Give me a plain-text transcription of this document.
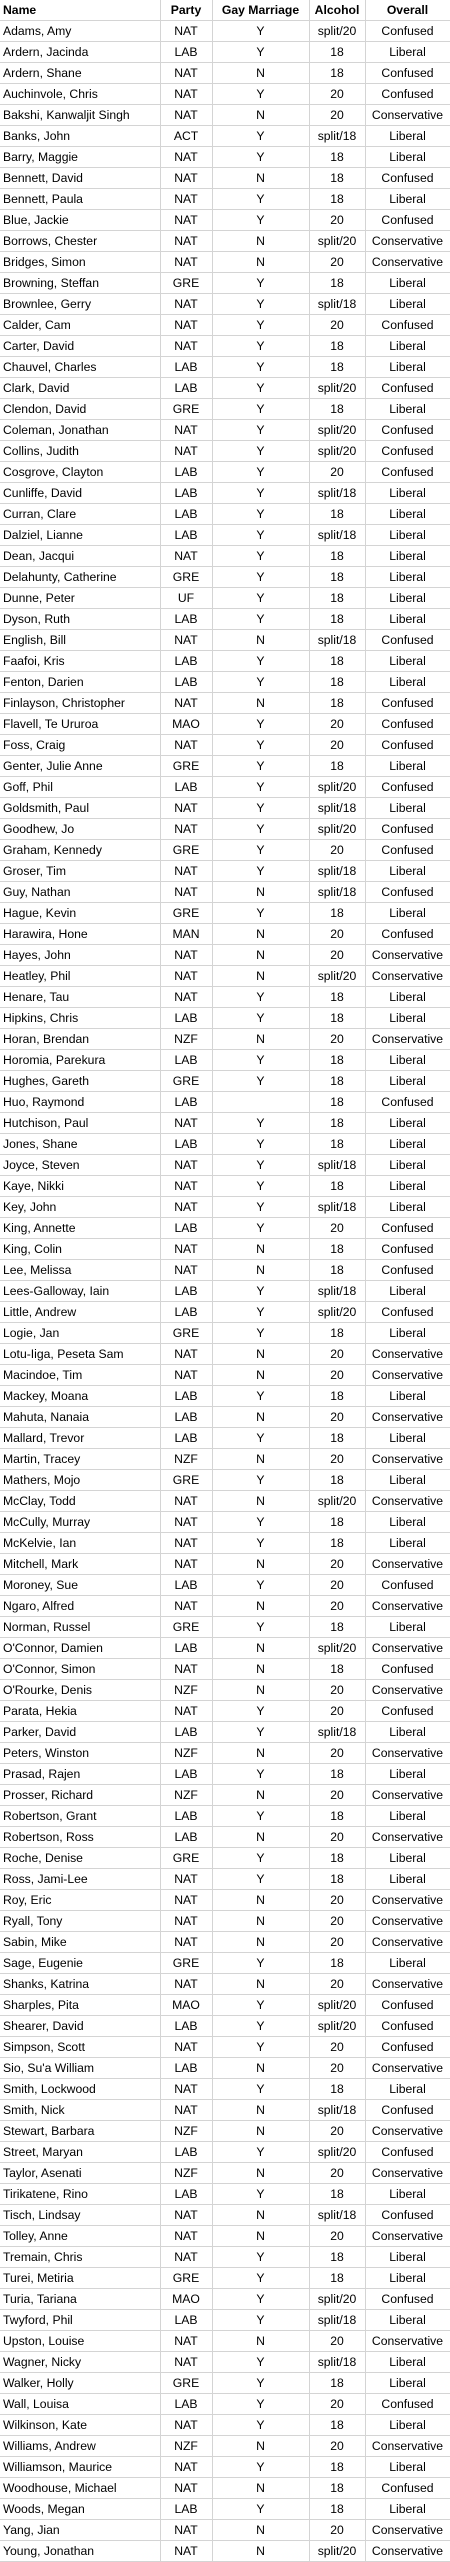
Name	Party	Gay Marriage	Alcohol	Overall
Adams, Amy	NAT	Y	split/20	Confused
Ardern, Jacinda	LAB	Y	18	Liberal
Ardern, Shane	NAT	N	18	Confused
Auchinvole, Chris	NAT	Y	20	Confused
Bakshi, Kanwaljit Singh	NAT	N	20	Conservative
Banks, John	ACT	Y	split/18	Liberal
Barry, Maggie	NAT	Y	18	Liberal
Bennett, David	NAT	N	18	Confused
Bennett, Paula	NAT	Y	18	Liberal
Blue, Jackie	NAT	Y	20	Confused
Borrows, Chester	NAT	N	split/20	Conservative
Bridges, Simon	NAT	N	20	Conservative
Browning, Steffan	GRE	Y	18	Liberal
Brownlee, Gerry	NAT	Y	split/18	Liberal
Calder, Cam	NAT	Y	20	Confused
Carter, David	NAT	Y	18	Liberal
Chauvel, Charles	LAB	Y	18	Liberal
Clark, David	LAB	Y	split/20	Confused
Clendon, David	GRE	Y	18	Liberal
Coleman, Jonathan	NAT	Y	split/20	Confused
Collins, Judith	NAT	Y	split/20	Confused
Cosgrove, Clayton	LAB	Y	20	Confused
Cunliffe, David	LAB	Y	split/18	Liberal
Curran, Clare	LAB	Y	18	Liberal
Dalziel, Lianne	LAB	Y	split/18	Liberal
Dean, Jacqui	NAT	Y	18	Liberal
Delahunty, Catherine	GRE	Y	18	Liberal
Dunne, Peter	UF	Y	18	Liberal
Dyson, Ruth	LAB	Y	18	Liberal
English, Bill	NAT	N	split/18	Confused
Faafoi, Kris	LAB	Y	18	Liberal
Fenton, Darien	LAB	Y	18	Liberal
Finlayson, Christopher	NAT	N	18	Confused
Flavell, Te Ururoa	MAO	Y	20	Confused
Foss, Craig	NAT	Y	20	Confused
Genter, Julie Anne	GRE	Y	18	Liberal
Goff, Phil	LAB	Y	split/20	Confused
Goldsmith, Paul	NAT	Y	split/18	Liberal
Goodhew, Jo	NAT	Y	split/20	Confused
Graham, Kennedy	GRE	Y	20	Confused
Groser, Tim	NAT	Y	split/18	Liberal
Guy, Nathan	NAT	N	split/18	Confused
Hague, Kevin	GRE	Y	18	Liberal
Harawira, Hone	MAN	N	20	Confused
Hayes, John	NAT	N	20	Conservative
Heatley, Phil	NAT	N	split/20	Conservative
Henare, Tau	NAT	Y	18	Liberal
Hipkins, Chris	LAB	Y	18	Liberal
Horan, Brendan	NZF	N	20	Conservative
Horomia, Parekura	LAB	Y	18	Liberal
Hughes, Gareth	GRE	Y	18	Liberal
Huo, Raymond	LAB		18	Confused
Hutchison, Paul	NAT	Y	18	Liberal
Jones, Shane	LAB	Y	18	Liberal
Joyce, Steven	NAT	Y	split/18	Liberal
Kaye, Nikki	NAT	Y	18	Liberal
Key, John	NAT	Y	split/18	Liberal
King, Annette	LAB	Y	20	Confused
King, Colin	NAT	N	18	Confused
Lee, Melissa	NAT	N	18	Confused
Lees-Galloway, Iain	LAB	Y	split/18	Liberal
Little, Andrew	LAB	Y	split/20	Confused
Logie, Jan	GRE	Y	18	Liberal
Lotu-Iiga, Peseta Sam	NAT	N	20	Conservative
Macindoe, Tim	NAT	N	20	Conservative
Mackey, Moana	LAB	Y	18	Liberal
Mahuta, Nanaia	LAB	N	20	Conservative
Mallard, Trevor	LAB	Y	18	Liberal
Martin, Tracey	NZF	N	20	Conservative
Mathers, Mojo	GRE	Y	18	Liberal
McClay, Todd	NAT	N	split/20	Conservative
McCully, Murray	NAT	Y	18	Liberal
McKelvie, Ian	NAT	Y	18	Liberal
Mitchell, Mark	NAT	N	20	Conservative
Moroney, Sue	LAB	Y	20	Confused
Ngaro, Alfred	NAT	N	20	Conservative
Norman, Russel	GRE	Y	18	Liberal
O'Connor, Damien	LAB	N	split/20	Conservative
O'Connor, Simon	NAT	N	18	Confused
O'Rourke, Denis	NZF	N	20	Conservative
Parata, Hekia	NAT	Y	20	Confused
Parker, David	LAB	Y	split/18	Liberal
Peters, Winston	NZF	N	20	Conservative
Prasad, Rajen	LAB	Y	18	Liberal
Prosser, Richard	NZF	N	20	Conservative
Robertson, Grant	LAB	Y	18	Liberal
Robertson, Ross	LAB	N	20	Conservative
Roche, Denise	GRE	Y	18	Liberal
Ross, Jami-Lee	NAT	Y	18	Liberal
Roy, Eric	NAT	N	20	Conservative
Ryall, Tony	NAT	N	20	Conservative
Sabin, Mike	NAT	N	20	Conservative
Sage, Eugenie	GRE	Y	18	Liberal
Shanks, Katrina	NAT	N	20	Conservative
Sharples, Pita	MAO	Y	split/20	Confused
Shearer, David	LAB	Y	split/20	Confused
Simpson, Scott	NAT	Y	20	Confused
Sio, Su'a William	LAB	N	20	Conservative
Smith, Lockwood	NAT	Y	18	Liberal
Smith, Nick	NAT	N	split/18	Confused
Stewart, Barbara	NZF	N	20	Conservative
Street, Maryan	LAB	Y	split/20	Confused
Taylor, Asenati	NZF	N	20	Conservative
Tirikatene, Rino	LAB	Y	18	Liberal
Tisch, Lindsay	NAT	N	split/18	Confused
Tolley, Anne	NAT	N	20	Conservative
Tremain, Chris	NAT	Y	18	Liberal
Turei, Metiria	GRE	Y	18	Liberal
Turia, Tariana	MAO	Y	split/20	Confused
Twyford, Phil	LAB	Y	split/18	Liberal
Upston, Louise	NAT	N	20	Conservative
Wagner, Nicky	NAT	Y	split/18	Liberal
Walker, Holly	GRE	Y	18	Liberal
Wall, Louisa	LAB	Y	20	Confused
Wilkinson, Kate	NAT	Y	18	Liberal
Williams, Andrew	NZF	N	20	Conservative
Williamson, Maurice	NAT	Y	18	Liberal
Woodhouse, Michael	NAT	N	18	Confused
Woods, Megan	LAB	Y	18	Liberal
Yang, Jian	NAT	N	20	Conservative
Young, Jonathan	NAT	N	split/20	Conservative
